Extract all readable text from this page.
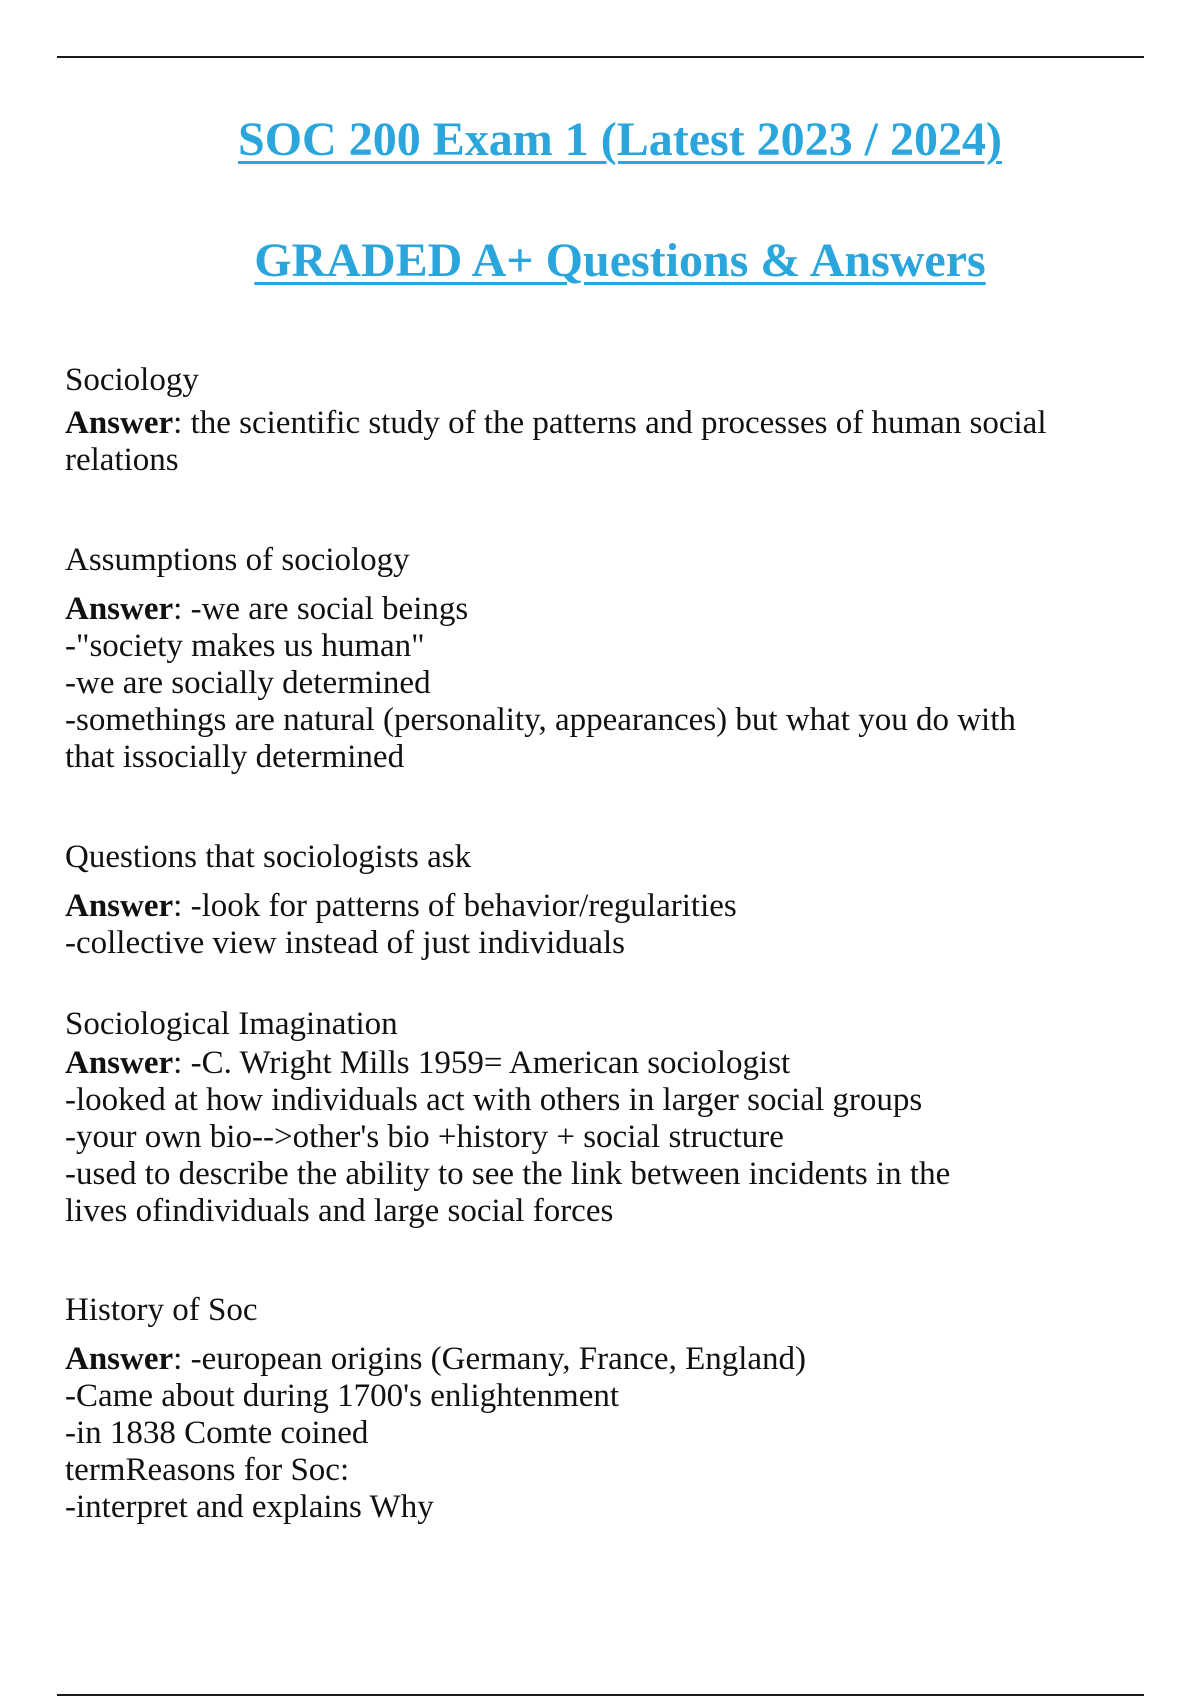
SOC 200 Exam 1 (Latest 2023 / 2024)
GRADED A+ Questions & Answers
Sociology
Answer: the scientific study of the patterns and processes of human social
relations
Assumptions of sociology
Answer: -we are social beings
-"society makes us human"
-we are socially determined
-somethings are natural (personality, appearances) but what you do with
that issocially determined
Questions that sociologists ask
Answer: -look for patterns of behavior/regularities
-collective view instead of just individuals
Sociological Imagination
Answer: -C. Wright Mills 1959= American sociologist
-looked at how individuals act with others in larger social groups
-your own bio-->other's bio +history + social structure
-used to describe the ability to see the link between incidents in the
lives ofindividuals and large social forces
History of Soc
Answer: -european origins (Germany, France, England)
-Came about during 1700's enlightenment
-in 1838 Comte coined
termReasons for Soc:
-interpret and explains Why
